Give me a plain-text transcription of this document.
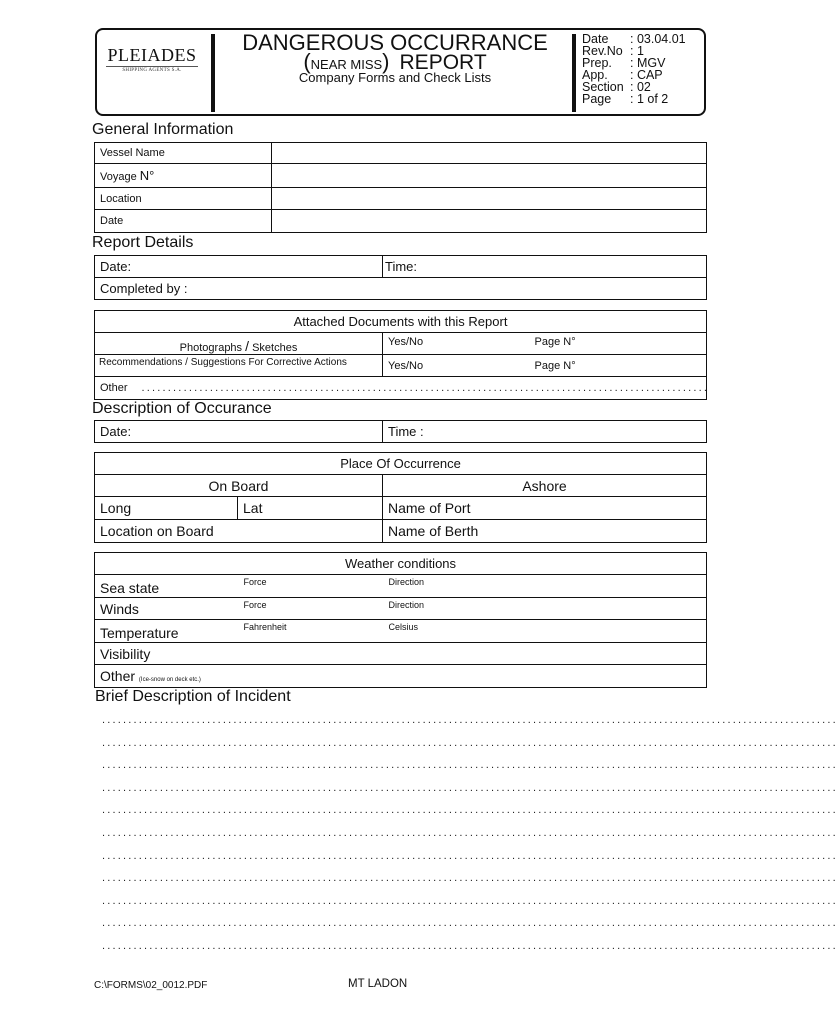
PLEIADES
SHIPPING AGENTS S.A.
DANGEROUS OCCURRANCE
(NEAR MISS) REPORT
Company Forms and Check Lists
Date	: 03.04.01
Rev.No : 1
Prep.	: MGV
App.	: CAP
Section : 02
Page	: 1 of 2
General Information
Vessel Name	
Voyage N°	
Location	
Date	
Report Details
Date:	Time:
Completed by :
Attached Documents with this Report		
Photographs / Sketches	Yes/No	Page N°
Recommendations / Suggestions For Corrective Actions	Yes/No	Page N°
Other ............................................................................................................		
Description of Occurance
Date:	Time :
Place Of Occurrence		
On Board		Ashore
Long	Lat	Name of Port
Location on Board		Name of Berth
Weather conditions		
Sea state	Force	Direction
Winds	Force	Direction
Temperature	Fahrenheit	Celsius
Visibility		
Other (Ice-snow on deck etc.)		
Brief Description of Incident
............................................................................................................................................
............................................................................................................................................
............................................................................................................................................
............................................................................................................................................
............................................................................................................................................
............................................................................................................................................
............................................................................................................................................
............................................................................................................................................
............................................................................................................................................
............................................................................................................................................
............................................................................................................................................
C:\FORMS\02_0012.PDF	MT LADON
